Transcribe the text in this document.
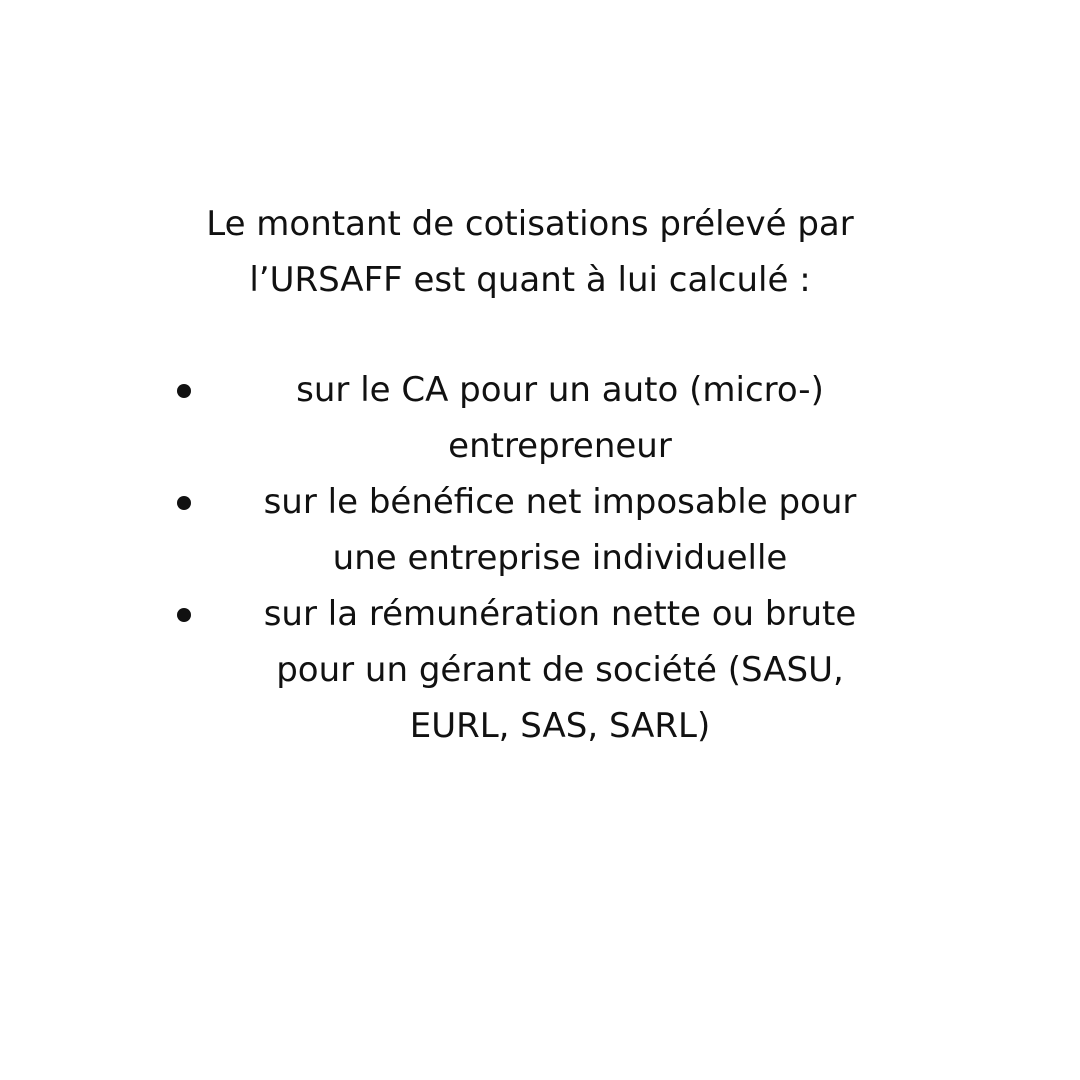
Le montant de cotisations prélevé par
l’URSAFF est quant à lui calculé :

sur le CA pour un auto (micro-)
entrepreneur
sur le bénéfice net imposable pour
une entreprise individuelle
sur la rémunération nette ou brute
pour un gérant de société (SASU,
EURL, SAS, SARL)
